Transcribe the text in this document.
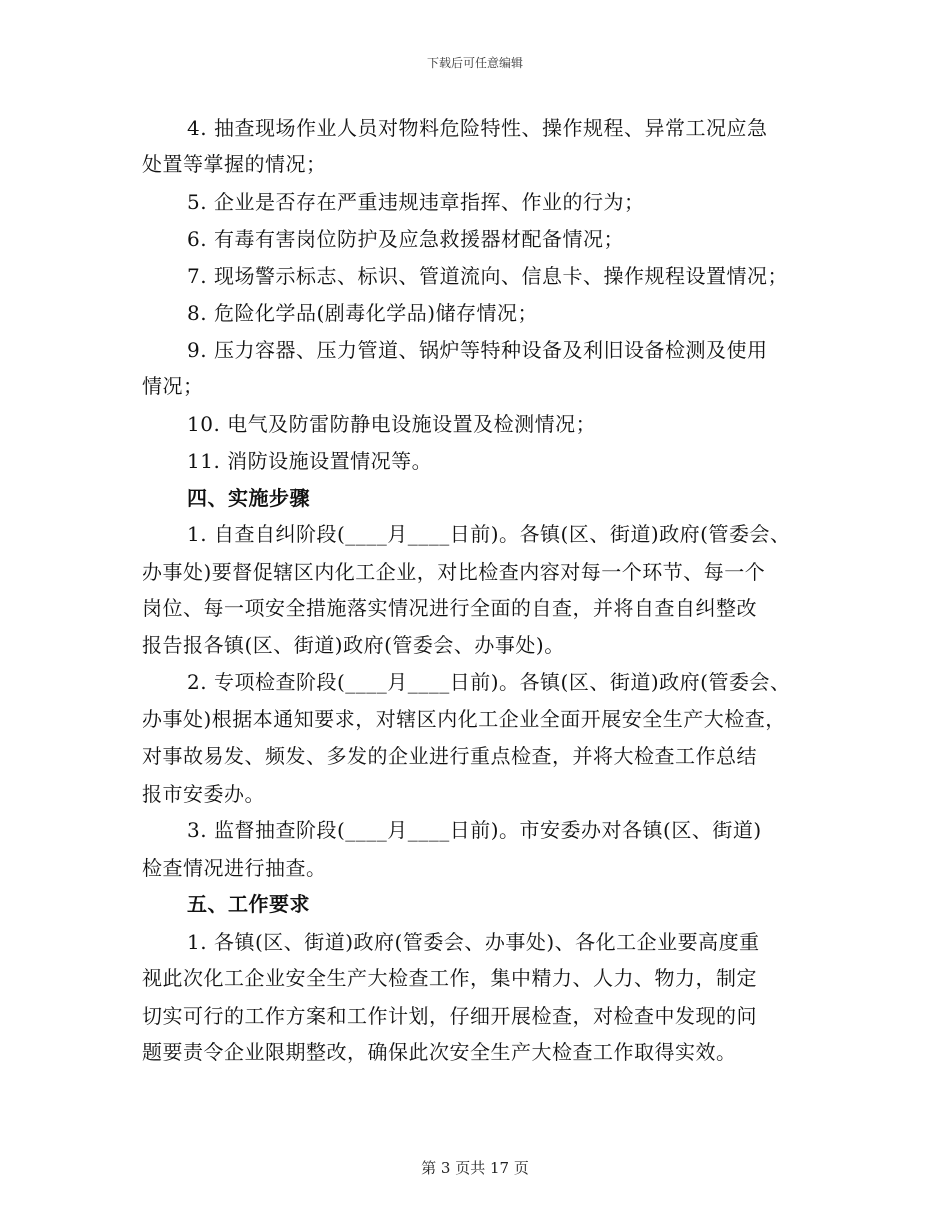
下载后可任意编辑
4. 抽查现场作业人员对物料危险特性、操作规程、异常工况应急
处置等掌握的情况；
5. 企业是否存在严重违规违章指挥、作业的行为；
6. 有毒有害岗位防护及应急救援器材配备情况；
7. 现场警示标志、标识、管道流向、信息卡、操作规程设置情况；
8. 危险化学品(剧毒化学品)储存情况；
9. 压力容器、压力管道、锅炉等特种设备及利旧设备检测及使用
情况；
10. 电气及防雷防静电设施设置及检测情况；
11. 消防设施设置情况等。
四、实施步骤
1. 自查自纠阶段(____月____日前)。各镇(区、街道)政府(管委会、
办事处)要督促辖区内化工企业，对比检查内容对每一个环节、每一个
岗位、每一项安全措施落实情况进行全面的自查，并将自查自纠整改
报告报各镇(区、街道)政府(管委会、办事处)。
2. 专项检查阶段(____月____日前)。各镇(区、街道)政府(管委会、
办事处)根据本通知要求，对辖区内化工企业全面开展安全生产大检查，
对事故易发、频发、多发的企业进行重点检查，并将大检查工作总结
报市安委办。
3. 监督抽查阶段(____月____日前)。市安委办对各镇(区、街道)
检查情况进行抽查。
五、工作要求
1. 各镇(区、街道)政府(管委会、办事处)、各化工企业要高度重
视此次化工企业安全生产大检查工作，集中精力、人力、物力，制定
切实可行的工作方案和工作计划，仔细开展检查，对检查中发现的问
题要责令企业限期整改，确保此次安全生产大检查工作取得实效。
第 3 页共 17 页
